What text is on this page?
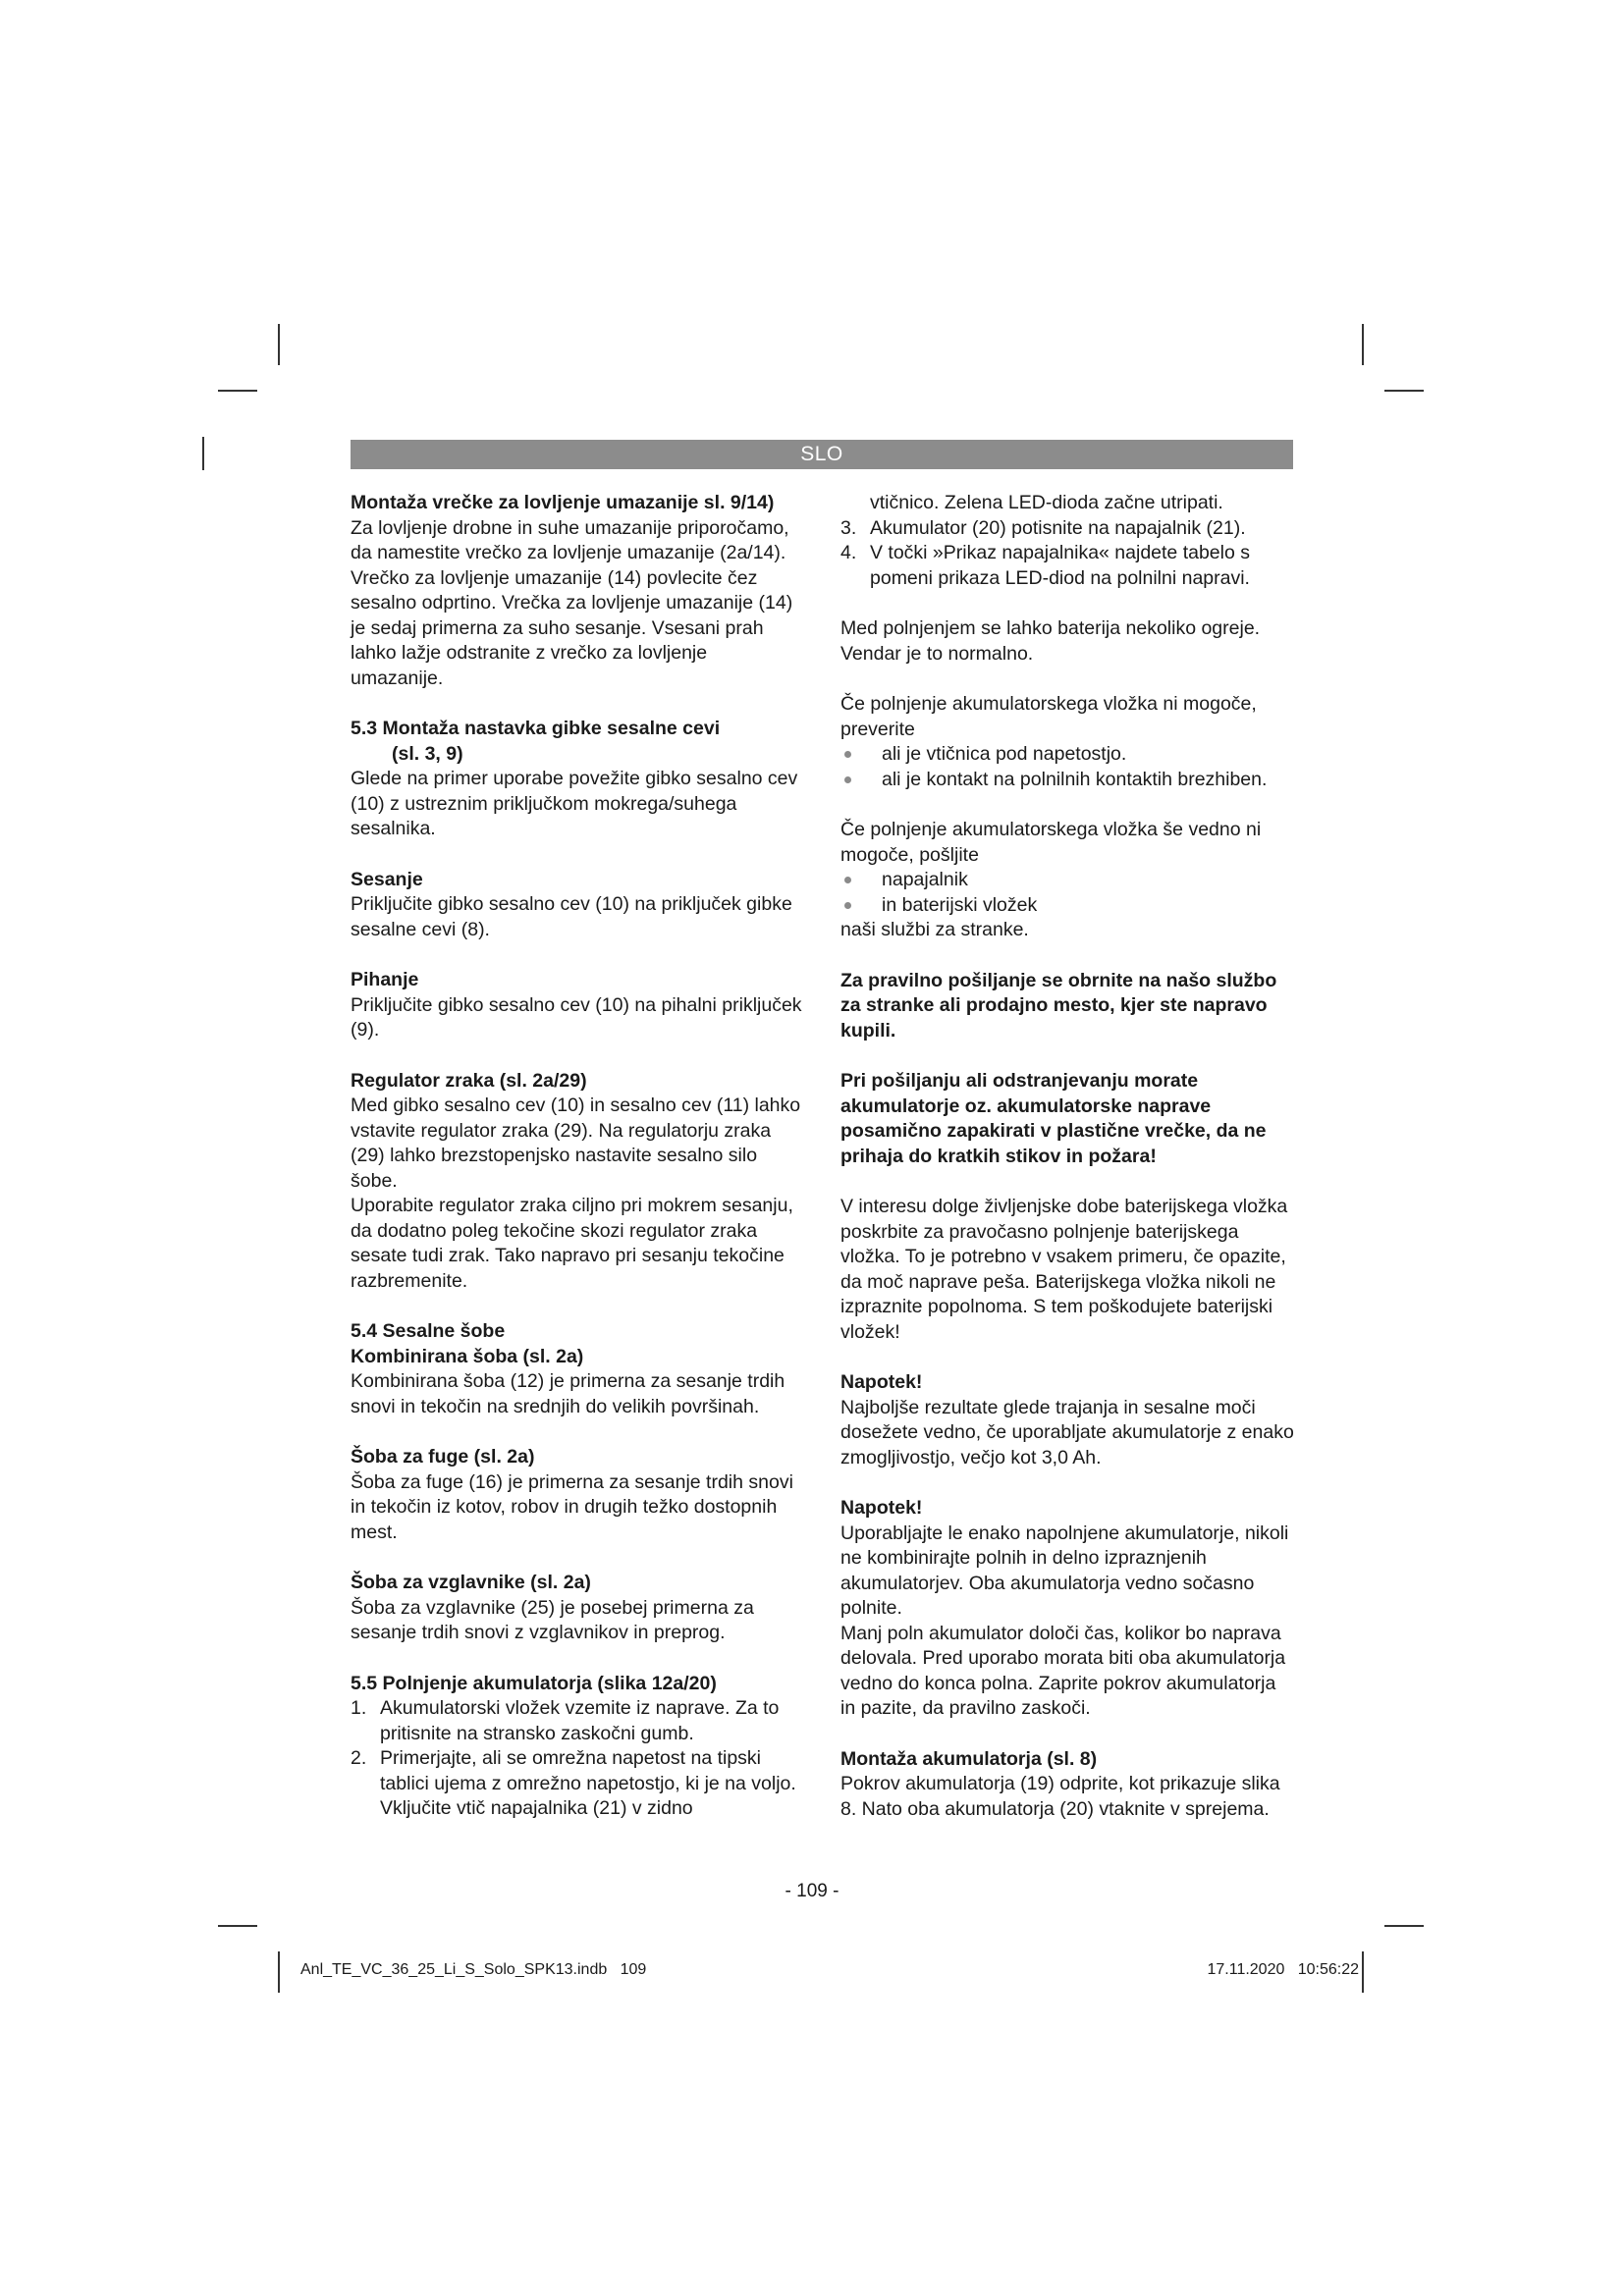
SLO

Montaža vrečke za lovljenje umazanije sl. 9/14)

Za lovljenje drobne in suhe umazanije priporočamo, da namestite vrečko za lovljenje umazanije (2a/14). Vrečko za lovljenje umazanije (14) povlecite čez sesalno odprtino. Vrečka za lovljenje umazanije (14) je sedaj primerna za suho sesanje. Vsesani prah lahko lažje odstranite z vrečko za lovljenje umazanije.

5.3 Montaža nastavka gibke sesalne cevi

(sl. 3, 9)

Glede na primer uporabe povežite gibko sesalno cev (10) z ustreznim priključkom mokrega/suhega sesalnika.

Sesanje

Priključite gibko sesalno cev (10) na priključek gibke sesalne cevi (8).

Pihanje

Priključite gibko sesalno cev (10) na pihalni priključek (9).

Regulator zraka (sl. 2a/29)

Med gibko sesalno cev (10) in sesalno cev (11) lahko vstavite regulator zraka (29). Na regulatorju zraka (29) lahko brezstopenjsko nastavite sesalno silo šobe.

Uporabite regulator zraka ciljno pri mokrem sesanju, da dodatno poleg tekočine skozi regulator zraka sesate tudi zrak. Tako napravo pri sesanju tekočine razbremenite.

5.4 Sesalne šobe

Kombinirana šoba (sl. 2a)

Kombinirana šoba (12) je primerna za sesanje trdih snovi in tekočin na srednjih do velikih površinah.

Šoba za fuge (sl. 2a)

Šoba za fuge (16) je primerna za sesanje trdih snovi in tekočin iz kotov, robov in drugih težko dostopnih mest.

Šoba za vzglavnike (sl. 2a)

Šoba za vzglavnike (25) je posebej primerna za sesanje trdih snovi z vzglavnikov in preprog.

5.5 Polnjenje akumulatorja (slika 12a/20)

1. Akumulatorski vložek vzemite iz naprave. Za to pritisnite na stransko zaskočni gumb.
2. Primerjajte, ali se omrežna napetost na tipski tablici ujema z omrežno napetostjo, ki je na voljo. Vključite vtič napajalnika (21) v zidno

vtičnico. Zelena LED-dioda začne utripati.

3. Akumulator (20) potisnite na napajalnik (21).
4. V točki »Prikaz napajalnika« najdete tabelo s pomeni prikaza LED-diod na polnilni napravi.

Med polnjenjem se lahko baterija nekoliko ogreje. Vendar je to normalno.

Če polnjenje akumulatorskega vložka ni mogoče, preverite

ali je vtičnica pod napetostjo.
ali je kontakt na polnilnih kontaktih brezhiben.

Če polnjenje akumulatorskega vložka še vedno ni mogoče, pošljite

napajalnik
in baterijski vložek

naši službi za stranke.

Za pravilno pošiljanje se obrnite na našo službo za stranke ali prodajno mesto, kjer ste napravo kupili.

Pri pošiljanju ali odstranjevanju morate akumulatorje oz. akumulatorske naprave posamično zapakirati v plastične vrečke, da ne prihaja do kratkih stikov in požara!

V interesu dolge življenjske dobe baterijskega vložka poskrbite za pravočasno polnjenje baterijskega vložka. To je potrebno v vsakem primeru, če opazite, da moč naprave peša. Baterijskega vložka nikoli ne izpraznite popolnoma. S tem poškodujete baterijski vložek!

Napotek!

Najboljše rezultate glede trajanja in sesalne moči dosežete vedno, če uporabljate akumulatorje z enako zmogljivostjo, večjo kot 3,0 Ah.

Napotek!

Uporabljajte le enako napolnjene akumulatorje, nikoli ne kombinirajte polnih in delno izpraznjenih akumulatorjev. Oba akumulatorja vedno sočasno polnite.

Manj poln akumulator določi čas, kolikor bo naprava delovala. Pred uporabo morata biti oba akumulatorja vedno do konca polna. Zaprite pokrov akumulatorja in pazite, da pravilno zaskoči.

Montaža akumulatorja (sl. 8)

Pokrov akumulatorja (19) odprite, kot prikazuje slika 8. Nato oba akumulatorja (20) vtaknite v sprejema.

- 109 -
Anl_TE_VC_36_25_Li_S_Solo_SPK13.indb   109	17.11.2020   10:56:22
